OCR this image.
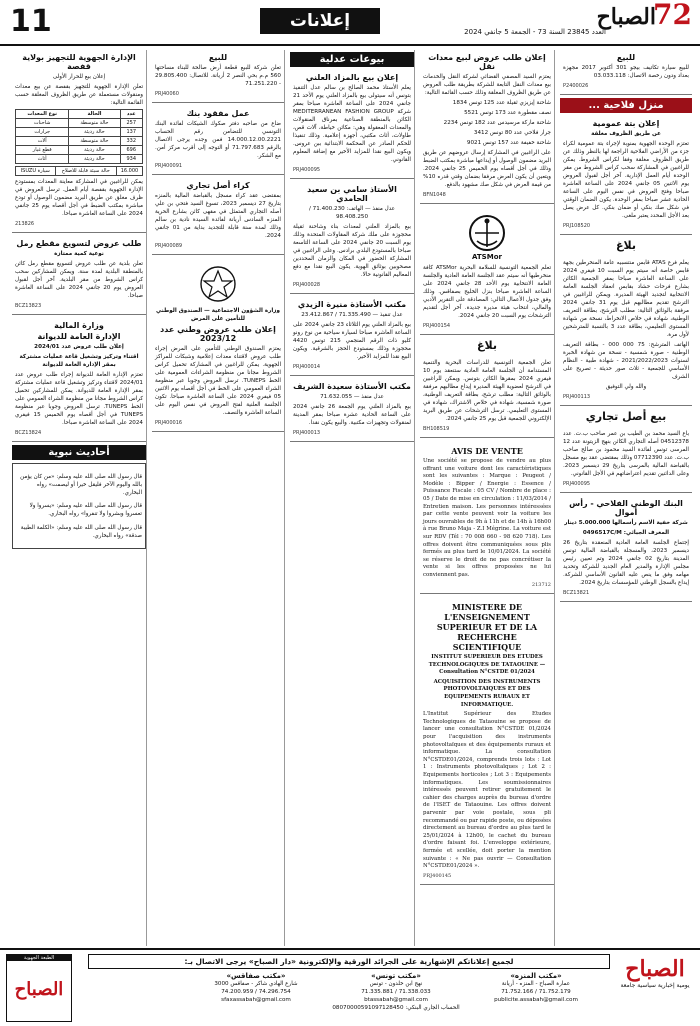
11	إعلانات
العدد 23845 السنة 73 - الجمعة 5 جانفي 2024
72
الصباح
للبيع

للبيع سيارة تكاتيف بيجو 301 أكتوبر 2017 مجهزة بعداد ودون رخصة الاتصال: 03.033.118 ‏

P2400026
منزل فلاحية ...
إعلان بتة عمومية

عن طريق الظروف مغلقة

تعتزم الوحدة الجهوية بمنوبة لإجراء بتة عمومية لكراء جزء من الأراضي الفلاحية الراجعة لها بالنظر وذلك عن طريق الظروف مغلقة وفقا لكراس الشروط. يمكن للراغبين في المشاركة سحب كراس الشروط من مقر الوحدة أيام العمل الإدارية. آخر أجل لقبول العروض يوم الاثنين 05 جانفي 2024 على الساعة العاشرة صباحا وفتح العروض في نفس اليوم على الساعة الحادية عشر صباحا بمقر الوحدة. يكون الضمان الوقتي في شكل صك بنكي أو ضمان بنكي. كل عرض يصل بعد الأجل المحدد يعتبر ملغى.

PRJ108520
بلاغ

يعلم فرع ATAS قابس منتسبيه عامة المنخرطين بجهة قابس خاصة أنه سيتم يوم السبت 10 فيفري 2024 على الساعة العاشرة صباحا بمقر الجمعية الكائن بشارع فرحات حشاد بقابس انعقاد الجلسة العامة الانتخابية لتجديد الهيئة المديرة. ويمكن للراغبين في الترشح تقديم مطالبهم قبل يوم 31 جانفي 2024 مرفقة بالوثائق التالية: مطلب الترشح، بطاقة التعريف الوطنية، شهادة في خلاص الانخراط، نسخة من شهادة المستوى التعليمي، بطاقة عدد 3 بالنسبة للمترشحين لأول مرة.

الهاتف المترشح: 75 000 000 - بطاقة التعريف الوطنية - صورة شمسية - نسخة من شهادة الخبرة لسنوات 2021/2022/2023 - شهادة طبية - النظام الأساسي للجمعية - ثلاث صور حديثة - تصريح على الشرف

والله ولي التوفيق

PRJ400113
بيع أصل تجاري

باع السيد محمد بن الطيب بن عمر صاحب ب.ت. عدد 04512378 أصله التجاري الكائن بنهج الزيتونة عدد 12 المرسى تونس لفائدة السيد محمود بن صالح صاحب ب.ت. عدد 07712390 وذلك بمقتضى عقد بيع مسجل بالقباضة المالية بالمرسى بتاريخ 29 ديسمبر 2023. وعلى الدائنين تقديم اعتراضاتهم في الأجل القانوني.

PRJ400095
البنك الوطني الفلاحي - رأس أموال

شركة خفية الاسم رأسمالها 5.000.000 دينار

المعرف الجبائي: 0496517C/M

إجتماع الجلسة العامة العادية المنعقدة بتاريخ 26 ديسمبر 2023، والمسجلة بالقباضة المالية تونس المدينة بتاريخ 02 جانفي 2024 وتم تعيين رئيس مجلس الإدارة والمدير العام الجديد للشركة وتحديد مهامه وفق ما ينص عليه القانون الأساسي للشركة. إيداع بالسجل الوطني للمؤسسات بتاريخ 2024.

BCZ13821
إعلان طلب عروض لبيع معدات نقل

يعتزم السيد المصفي القضائي لشركة النقل والخدمات بيع معدات النقل التابعة للشركة بطريقة طلب العروض عن طريق الظروف المغلقة وذلك حسب القائمة التالية:

شاحنة إيزيزي ثقيلة عدد 125 تونس 1834

نصف مقطورة عدد 173 تونس 5521

شاحنة ماركة مرسيدس عدد 182 تونس 2234

جرار فلاحي عدد 80 تونس 3412

شاحنة خفيفة عدد 157 تونس 9021

على الراغبين في المشاركة إرسال عروضهم عن طريق البريد مضمون الوصول أو إيداعها مباشرة بمكتب الضبط وذلك في أجل أقصاه يوم الخميس 25 جانفي 2024. ويتعين أن يكون العرض مرفقا بضمان وقتي قدره 10% من قيمة العرض في شكل صك مشهود بالدفع.

BFN1048
ATSMor

تعلم الجمعية التونسية للسلامة البحرية ATSMor كافة منخرطيها أنه سيتم عقد الجلسة العامة العادية والجلسة العامة الانتخابية يوم الأحد 28 جانفي 2024 على الساعة العاشرة صباحا بنزل الخليج بصفاقس. وذلك وفق جدول الأعمال التالي: المصادقة على التقرير الأدبي والمالي، انتخاب هيئة مديرة جديدة. آخر أجل لتقديم الترشحات يوم السبت 20 جانفي 2024.

PRJ400154
بلاغ

تعلن الجمعية التونسية للدراسات البحرية والتنمية المستدامة أن الجلسة العامة العادية ستنعقد يوم 10 فيفري 2024 بمقرها الكائن بتونس. ويمكن للراغبين في الترشح لعضوية الهيئة المديرة إيداع مطالبهم مرفقة بالوثائق التالية: مطلب ترشح، بطاقة التعريف الوطنية، صورة شمسية، شهادة في خلاص الاشتراك، شهادة في المستوى التعليمي. ترسل الترشحات عن طريق البريد الإلكتروني للجمعية قبل يوم 25 جانفي 2024.

BH108519
AVIS DE VENTE

Une société se propose de vendre au plus offrant une voiture dont les caractéristiques sont les suivantes : Marque : Peugeot / Modèle : Bipper / Energie : Essence / Puissance Fiscale : 05 CV / Nombre de place : 05 / Date de mise en circulation : 11/03/2014 / Entretien maison. Les personnes intéressées par cette vente peuvent voir la voiture les jours ouvrables de 9h à 11h et de 14h à 16h00 à rue Bruno Maja - Z.I Mégrine. La voiture est sur RDV (Tél : 70 008 660 - 98 620 718). Les offres doivent être communiquées sous plis fermés au plus tard le 10/01/2024. La société se réserve le droit de ne pas concrétiser la vente si les offres proposées ne lui conviennent pas.

213712
MINISTERE DE L'ENSEIGNEMENT SUPERIEUR ET DE LA RECHERCHE SCIENTIFIQUE

INSTITUT SUPERIEUR DES ETUDES TECHNOLOGIQUES DE TATAOUINE — Consultation N°CSTDE 01/2024

ACQUISITION DES INSTRUMENTS PHOTOVOLTAIQUES ET DES EQUIPEMENTS RURAUX ET INFORMATIQUE.

L'Institut Supérieur des Etudes Technologiques de Tataouine se propose de lancer une consultation N°CSTDE 01/2024 pour l'acquisition des instruments photovoltaïques et des équipements ruraux et informatique. La consultation N°CSTDE01/2024, comprends trois lots : Lot 1 : Instruments photovoltaïques ; Lot 2 : Equipements horticoles ; Lot 3 : Equipements informatiques. Les soumissionnaires intéressés peuvent retirer gratuitement le cahier des charges auprès du bureau d'ordre de l'ISET de Tataouine. Les offres doivent parvenir par voie postale, sous pli recommandé ou par rapide poste, ou déposées directement au bureau d'ordre au plus tard le 25/01/2024 à 12h00, le cachet du bureau d'ordre faisant foi. L'enveloppe extérieure, fermée et scellée, doit porter la mention suivante : « Ne pas ouvrir — Consultation N°CSTDE01/2024 ».

PRJ400145
بيوعات عدلية
إعلان بيع بالمزاد العلني

يعلم الأستاذ محمد الصالح بن سالم عدل التنفيذ بتونس أنه سيتولى بيع بالمزاد العلني يوم الأحد 21 جانفي 2024 على الساعة العاشرة صباحا بمقر شركة MEDITERRANEAN FASHION GROUP الكائن بالمنطقة الصناعية بمرناق المنقولات والمعدات المعقولة وهي: مكائن خياطة، آلات قص، طاولات، أثاث مكتبي، أجهزة إعلامية. وذلك تنفيذا للحكم الصادر عن المحكمة الابتدائية ببن عروس. ويكون البيع نقدا للمزايد الأخير مع إضافة المعلوم القانوني.

PRJ400095
الأستاذ سامي بن سعيد الحامدي

عدل منفذ — الهاتف: 71.400.230 / 98.408.250

بيع بالمزاد العلني لمعدات بناء وشاحنة ثقيلة محجوزة على ملك شركة المقاولات المتحدة وذلك يوم السبت 20 جانفي 2024 على الساعة التاسعة صباحا بالمستودع البلدي برادس. وعلى الراغبين في المشاركة الحضور في المكان والزمان المحددين مصحوبين بوثائق الهوية. يكون البيع نقدا مع دفع المعاليم القانونية حالا.

PRJ400028
مكتب الأستاذة منيرة الزيدي

عدل تنفيذ — 71.335.490 / 23.412.867

بيع بالمزاد العلني يوم الثلاثاء 23 جانفي 2024 على الساعة العاشرة صباحا لسيارة سياحية من نوع رونو كليو ذات الرقم المنجمي 215 تونس 4420 محجوزة وذلك بمستودع الحجز بالشرقية. ويكون البيع نقدا للمزايد الأخير.

PRJ400014
مكتب الأستاذة سعيدة الشريف

عدل منفذ — 71.632.055

بيع بالمزاد العلني يوم الجمعة 26 جانفي 2024 على الساعة الحادية عشرة صباحا بمقر المدينة لمنقولات وتجهيزات مكتبية. والبيع يكون نقدا.

PRJ400013
للبيع

تعلن شركة للبيع قطعة أرض صالحة للبناء مساحتها 560 م.م بحي النصر 2 أريانة. للاتصال: 29.805.400 - 71.251.220

PRJ40060
عمل مفقود بنك

ضاع من صاحبه دفتر صكوك الشيكات لفائدة البنك التونسي للتضامن رقم الحساب 14.000.12.00.2221 فمن وجده يرجى الاتصال بالرقم 71.797.683 أو التوجه إلى أقرب مركز أمن. ‏مع الشكر.

PRJ400091
كراء أصل تجاري

بمقتضى عقد كراء مسجل بالقباضة المالية بالمنزه بتاريخ 27 ديسمبر 2023، تسوغ السيد فتحي بن علي أصله التجاري المتمثل في مقهى كائن بشارع الحرية المنزه السادس أريانة لفائدة السيدة نادية بن سالم وذلك لمدة سنة قابلة للتجديد بداية من 01 جانفي 2024.

PRJ400089

وزارة الشؤون الاجتماعية — الصندوق الوطني للتأمين على المرض

إعلان طلب عروض وطني عدد 2023/12

يعتزم الصندوق الوطني للتأمين على المرض إجراء طلب عروض لاقتناء معدات إعلامية وشبكات للمراكز الجهوية. يمكن للراغبين في المشاركة تحميل كراس الشروط مجانا من منظومة الشراءات العمومية على الخط TUNEPS. ترسل العروض وجوبا عبر منظومة الشراء العمومي على الخط في أجل أقصاه يوم الاثنين 05 فيفري 2024 على الساعة العاشرة صباحا. تكون الجلسة العلنية لفتح العروض في نفس اليوم على الساعة العاشرة والنصف.

PRJ400016
الإدارة الجهوية للتجهيز بولاية قفصة

إعلان بيع للحرار الأولى

تعلن الإدارة الجهوية للتجهيز بقفصة عن بيع معدات ومنقولات مستعملة عن طريق الظروف المغلقة حسب القائمة التالية:

عدد	الحالة	نوع المعدات
257	حالة متوسطة	شاحنات
137	حالة رديئة	جرارات
332	حالة متوسطة	آلات
696	حالة رديئة	قطع غيار
934	حالة رديئة	أثاث
16.000	حالة سيئة قابلة للاصلاح	سيارة ISUZU

يمكن للراغبين في المشاركة معاينة المعدات بمستودع الإدارة الجهوية بقفصة أيام العمل. ترسل العروض في ظرف مغلق عن طريق البريد مضمون الوصول أو تودع مباشرة بمكتب الضبط في أجل أقصاه يوم 25 جانفي 2024 على الساعة العاشرة صباحا.

213826
طلب عروض لتسويغ مقطع رمل

نوعية كمية ممتازة

تعلن بلدية عن طلب عروض لتسويغ مقطع رمل كائن بالمنطقة البلدية لمدة سنة. ويمكن للمشاركين سحب كراس الشروط من مقر البلدية. آخر أجل لقبول العروض يوم 20 جانفي 2024 على الساعة العاشرة صباحا.

BCZ13823
وزارة المالية
الإدارة العامة للديوانة

إعلان طلب عروض عدد 2024/01

اقتناء وتركيز وتشغيل قاعة عمليات مشتركة بمقر الإدارة العامة للديوانة

تعتزم الإدارة العامة للديوانة إجراء طلب عروض عدد 2024/01 لاقتناء وتركيز وتشغيل قاعة عمليات مشتركة بمقر الإدارة العامة للديوانة. يمكن للمشاركين تحميل كراس الشروط مجانا من منظومة الشراء العمومي على الخط TUNEPS. ترسل العروض وجوبا عبر منظومة TUNEPS في أجل أقصاه يوم الخميس 15 فيفري 2024 على الساعة العاشرة صباحا.

BCZ13824
أحاديث نبوية

قال رسول الله صلى الله عليه وسلم: «من كان يؤمن بالله واليوم الآخر فليقل خيرا أو ليصمت» رواه البخاري.

قال رسول الله صلى الله عليه وسلم: «يسروا ولا تعسروا وبشروا ولا تنفروا» رواه البخاري.

قال رسول الله صلى الله عليه وسلم: «الكلمة الطيبة صدقة» رواه البخاري.

الصباح
يومية إخبارية سياسية جامعة
لجميع إعلاناتكم الإشهارية على الجرائد الورقية والإلكترونية «دار الصباح» يرجى الاتصال بـ:
«مكتب المنزه»
عمارة الصباح - المنزه - أريانة
71.752.179 / 71.752.166
publicite.assabah@gmail.com
«مكتب تونس»
نهج ابن خلدون - تونس
71.338.033 / 71.335.881
btassabah@gmail.com
الحساب الجاري البنكي: 08070000591097128450
«مكتب صفاقس»
شارع الهادي شاكر - صفاقس 3000
74.296.754 / 74.200.959
sfaxassabah@gmail.com
الطبعة الجهوية
الصباح
